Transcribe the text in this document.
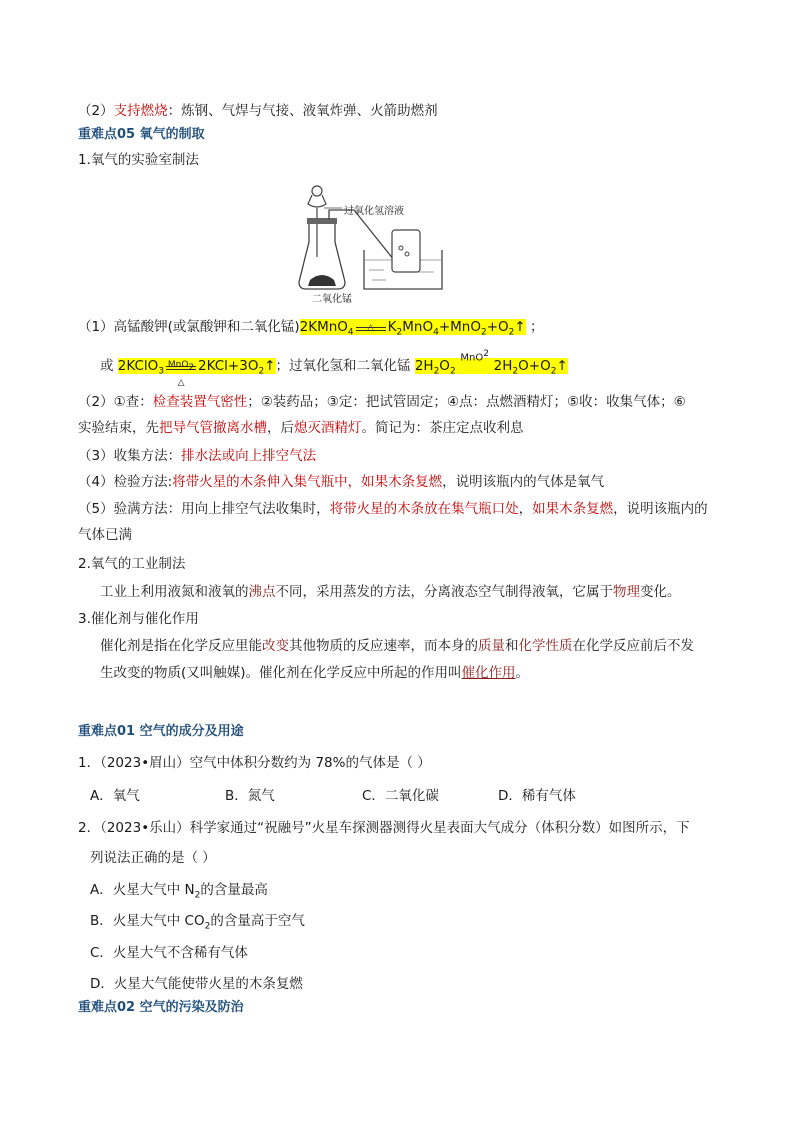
（2）支持燃烧：炼钢、气焊与气接、液氧炸弹、火箭助燃剂
重难点05 氧气的制取
1.氧气的实验室制法
过氧化氢溶液
二氧化锰
（1）高锰酸钾(或氯酸钾和二氧化锰)2KMnO$_4$	△	$K_2MnO_4+MnO_2+O_2↑$ ；
或 2KClO$_3$
MnO$_2$
△
$2KCl+3O_2↑$；过氧化氢和二氧化锰 $2H_2O_2$
MnO$^2$
$2H_2O+O_2↑$
（2）①查：检查装置气密性；②装药品；③定：把试管固定；④点：点燃酒精灯；⑤收：收集气体；⑥
实验结束，先把导气管撤离水槽，后熄灭酒精灯。简记为：茶庄定点收利息
（3）收集方法：排水法或向上排空气法
（4）检验方法:将带火星的木条伸入集气瓶中，如果木条复燃，说明该瓶内的气体是氧气
（5）验满方法：用向上排空气法收集时，将带火星的木条放在集气瓶口处，如果木条复燃，说明该瓶内的
气体已满
2.氧气的工业制法
工业上利用液氮和液氧的沸点不同，采用蒸发的方法，分离液态空气制得液氧，它属于物理变化。
3.催化剂与催化作用
催化剂是指在化学反应里能改变其他物质的反应速率，而本身的质量和化学性质在化学反应前后不发
生改变的物质(又叫触媒)。催化剂在化学反应中所起的作用叫催化作用。
重难点01 空气的成分及用途
1．（2023•眉山）空气中体积分数约为 78%的气体是（ ）
A．氧气	B．氮气	C．二氧化碳	D．稀有气体
2．（2023•乐山）科学家通过“祝融号”火星车探测器测得火星表面大气成分（体积分数）如图所示，下
列说法正确的是（ ）
A．火星大气中 $N_2$的含量最高
B．火星大气中 $CO_2$的含量高于空气
C．火星大气不含稀有气体
D．火星大气能使带火星的木条复燃
重难点02 空气的污染及防治
